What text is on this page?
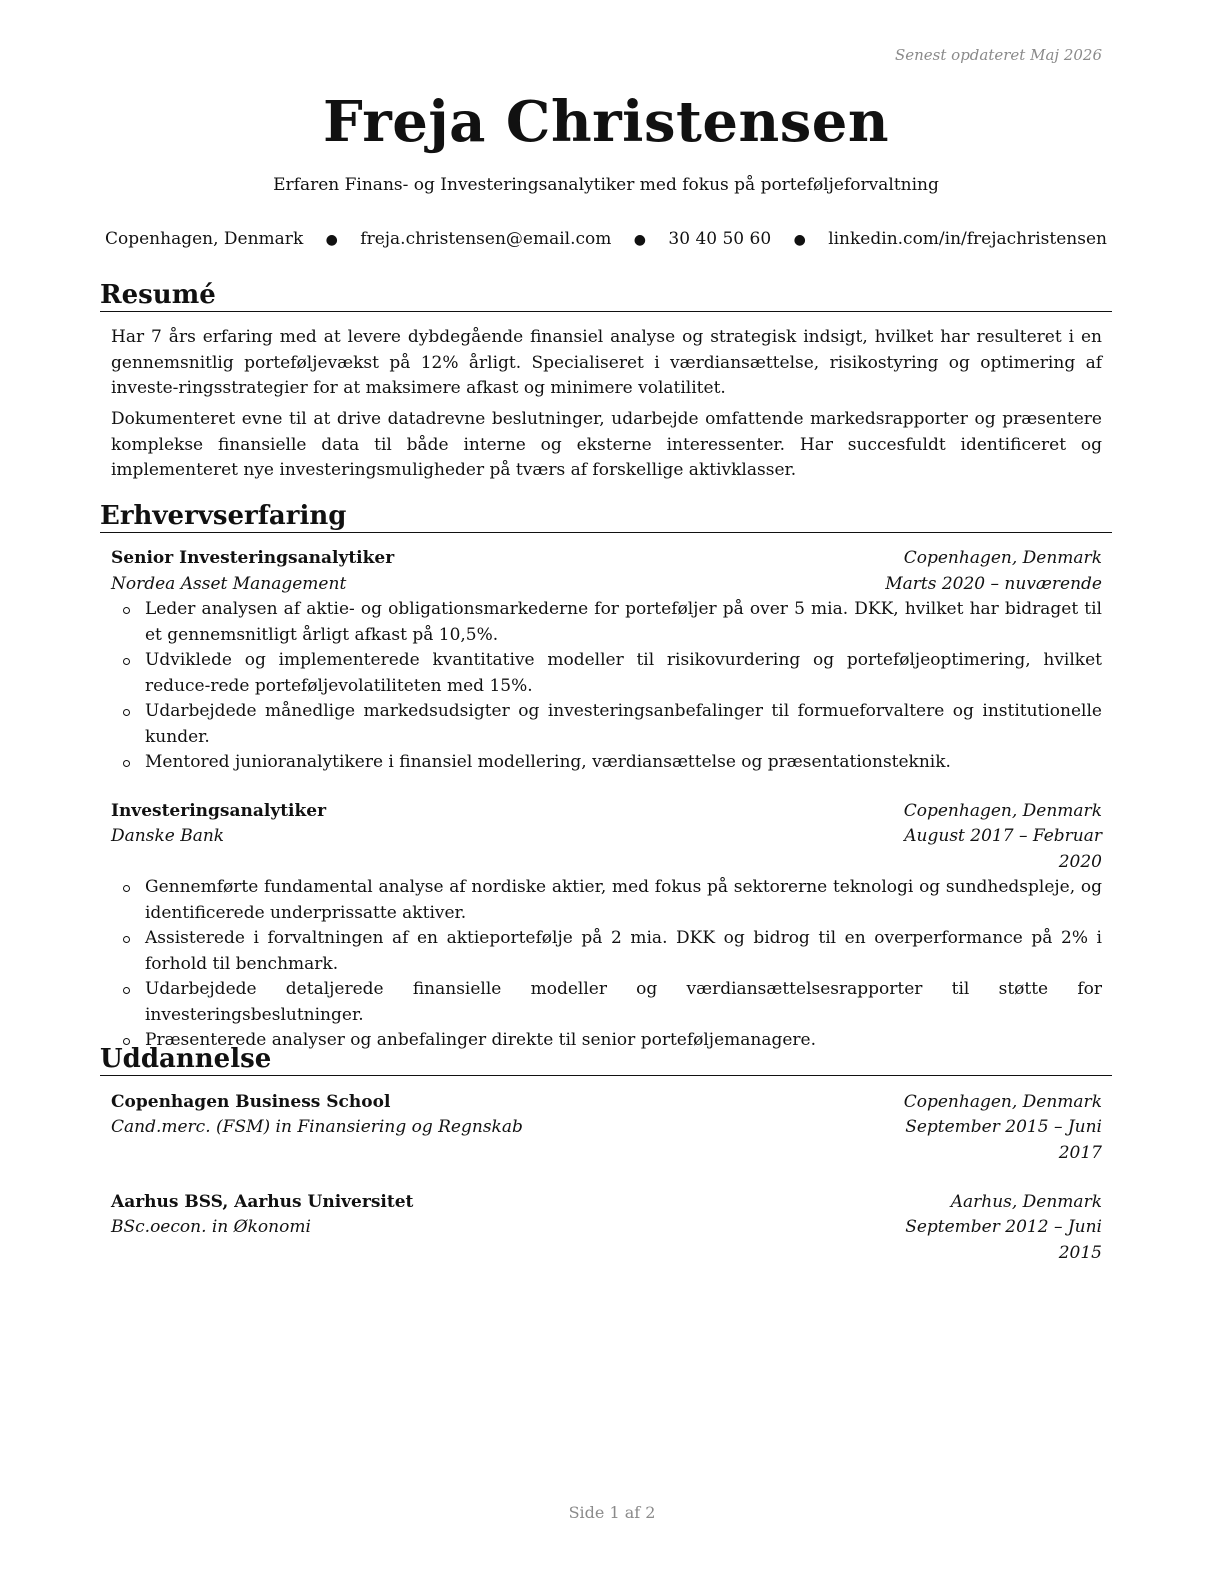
Senest opdateret Maj 2026
Freja Christensen
Erfaren Finans- og Investeringsanalytiker med fokus på porteføljeforvaltning
Copenhagen, Denmark ● freja.christensen@email.com ● 30 40 50 60 ● linkedin.com/in/frejachristensen
Resumé
Har 7 års erfaring med at levere dybdegående finansiel analyse og strategisk indsigt, hvilket har resulteret i en gennemsnitlig porteføljevækst på 12% årligt. Specialiseret i værdiansættelse, risikostyring og optimering af investe-ringsstrategier for at maksimere afkast og minimere volatilitet.
Dokumenteret evne til at drive datadrevne beslutninger, udarbejde omfattende markedsrapporter og præsentere komplekse finansielle data til både interne og eksterne interessenter. Har succesfuldt identificeret og implementeret nye investeringsmuligheder på tværs af forskellige aktivklasser.
Erhvervserfaring
Senior Investeringsanalytiker	Copenhagen, Denmark
Nordea Asset Management	Marts 2020 – nuværende
Leder analysen af aktie- og obligationsmarkederne for porteføljer på over 5 mia. DKK, hvilket har bidraget til et gennemsnitligt årligt afkast på 10,5%.
Udviklede og implementerede kvantitative modeller til risikovurdering og porteføljeoptimering, hvilket reduce-rede porteføljevolatiliteten med 15%.
Udarbejdede månedlige markedsudsigter og investeringsanbefalinger til formueforvaltere og institutionelle kunder.
Mentored junioranalytikere i finansiel modellering, værdiansættelse og præsentationsteknik.
Investeringsanalytiker	Copenhagen, Denmark
Danske Bank	August 2017 – Februar 2020
Gennemførte fundamental analyse af nordiske aktier, med fokus på sektorerne teknologi og sundhedspleje, og identificerede underprissatte aktiver.
Assisterede i forvaltningen af en aktieportefølje på 2 mia. DKK og bidrog til en overperformance på 2% i forhold til benchmark.
Udarbejdede detaljerede finansielle modeller og værdiansættelsesrapporter til støtte for investeringsbeslutninger.
Præsenterede analyser og anbefalinger direkte til senior porteføljemanagere.
Uddannelse
Copenhagen Business School	Copenhagen, Denmark
Cand.merc. (FSM) in Finansiering og Regnskab	September 2015 – Juni 2017
Aarhus BSS, Aarhus Universitet	Aarhus, Denmark
BSc.oecon. in Økonomi	September 2012 – Juni 2015
Side 1 af 2
